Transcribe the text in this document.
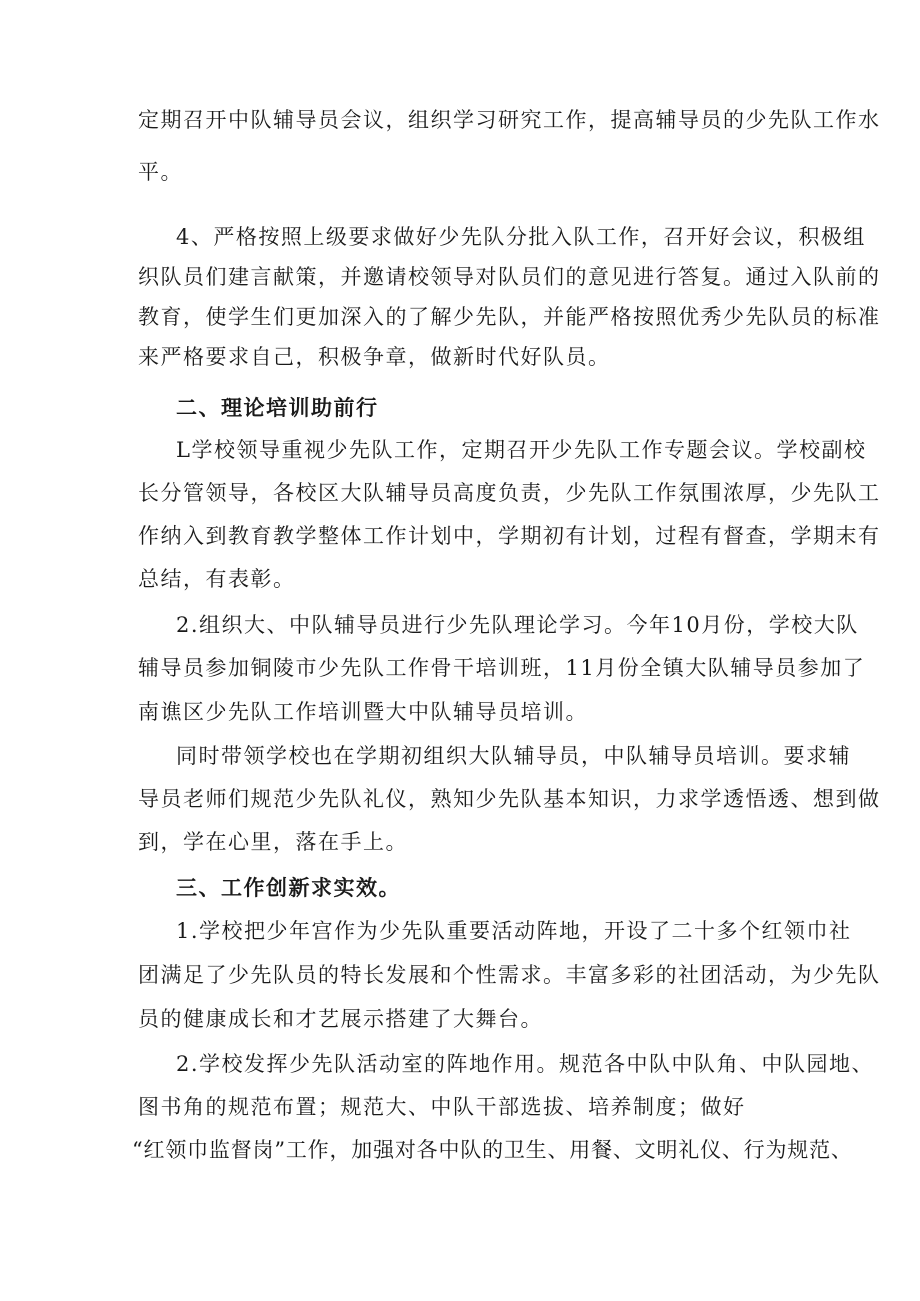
定期召开中队辅导员会议，组织学习研究工作，提高辅导员的少先队工作水
平。
4、严格按照上级要求做好少先队分批入队工作，召开好会议，积极组
织队员们建言献策，并邀请校领导对队员们的意见进行答复。通过入队前的
教育，使学生们更加深入的了解少先队，并能严格按照优秀少先队员的标准
来严格要求自己，积极争章，做新时代好队员。
二、理论培训助前行
L学校领导重视少先队工作，定期召开少先队工作专题会议。学校副校
长分管领导，各校区大队辅导员高度负责，少先队工作氛围浓厚，少先队工
作纳入到教育教学整体工作计划中，学期初有计划，过程有督查，学期末有
总结，有表彰。
2.组织大、中队辅导员进行少先队理论学习。今年10月份，学校大队
辅导员参加铜陵市少先队工作骨干培训班，11月份全镇大队辅导员参加了
南谯区少先队工作培训暨大中队辅导员培训。
同时带领学校也在学期初组织大队辅导员，中队辅导员培训。要求辅
导员老师们规范少先队礼仪，熟知少先队基本知识，力求学透悟透、想到做
到，学在心里，落在手上。
三、工作创新求实效。
1.学校把少年宫作为少先队重要活动阵地，开设了二十多个红领巾社
团满足了少先队员的特长发展和个性需求。丰富多彩的社团活动，为少先队
员的健康成长和才艺展示搭建了大舞台。
2.学校发挥少先队活动室的阵地作用。规范各中队中队角、中队园地、
图书角的规范布置；规范大、中队干部选拔、培养制度；做好
“红领巾监督岗”工作，加强对各中队的卫生、用餐、文明礼仪、行为规范、
